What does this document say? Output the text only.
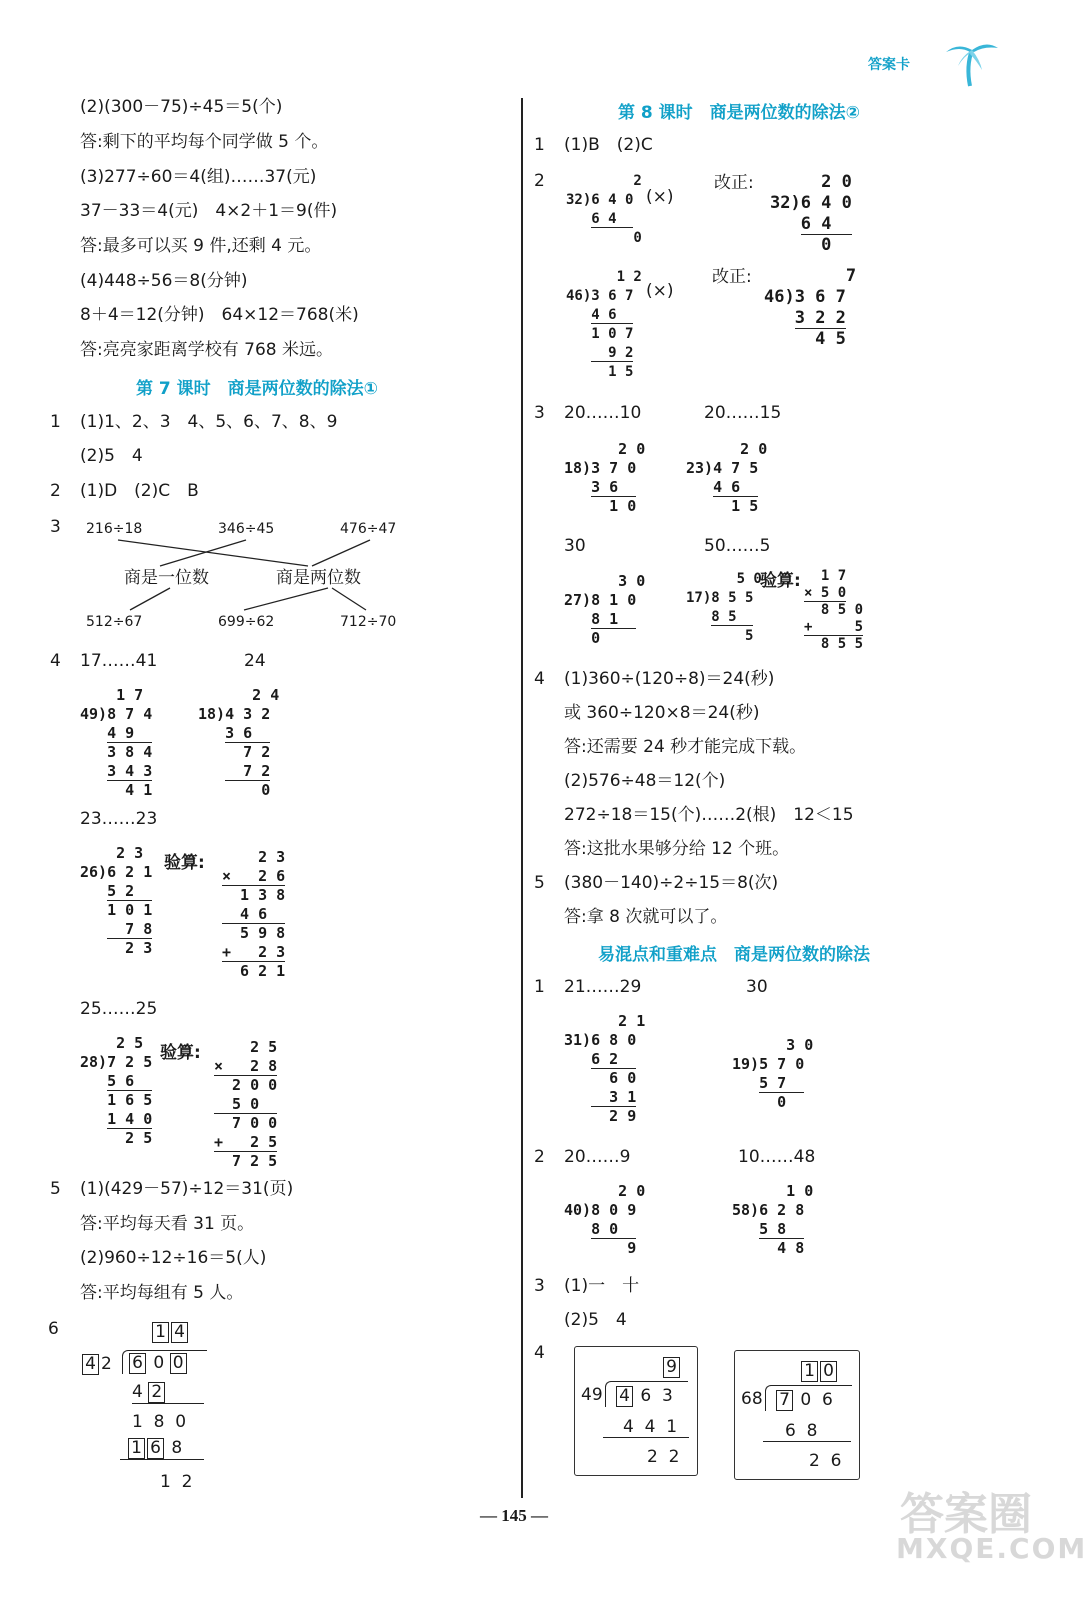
答案卡
(2)(300－75)÷45＝5(个)
答:剩下的平均每个同学做 5 个。
(3)277÷60＝4(组)……37(元)
37－33＝4(元)　4×2＋1＝9(件)
答:最多可以买 9 件,还剩 4 元。
(4)448÷56＝8(分钟)
8＋4＝12(分钟)　64×12＝768(米)
答:亮亮家距离学校有 768 米远。
第 7 课时　商是两位数的除法①
1 (1)1、2、3　4、5、6、7、8、9
(2)5　4
2 (1)D　(2)C　B
3 216÷18	346÷45	476÷47
商是一位数	商是两位数
512÷67	699÷62	712÷70
4 17……41	24
1 7
49)8 7 4
4 9
3 8 4
3 4 3
4 1
2 4
18)4 3 2
3 6
7 2
7 2
0
23……23
2 3
26)6 2 1
5 2
1 0 1
7 8
2 3
验算: 2 3
×   2 6
1 3 8
4 6
5 9 8
+   2 3
6 2 1
25……25
2 5
28)7 2 5
5 6
1 6 5
1 4 0
2 5
验算: 2 5
×   2 8
2 0 0
5 0
7 0 0
+   2 5
7 2 5
5 (1)(429－57)÷12＝31(页)
答:平均每天看 31 页。
(2)960÷12÷16＝5(人)
答:平均每组有 5 人。
6	1 4
4 2	6 0 0
4 2
1  8  0
1 6 8
1  2
第 8 课时　商是两位数的除法②
1 (1)B　(2)C
2 2
32)6 4 0
6 4
0
(×)
改正: 2 0
32)6 4 0
6 4
0
1 2
46)3 6 7
4 6
1 0 7
9 2
1 5
(×)
改正: 7
46)3 6 7
3 2 2
4 5
3 20……10	20……15
2 0
18)3 7 0
3 6
1 0
2 0
23)4 7 5
4 6
1 5
30	50……5
3 0
27)8 1 0
8 1
0
5 0
17)8 5 5
8 5
5
验算: 1 7
× 5 0
8 5 0
+     5
8 5 5
4 (1)360÷(120÷8)＝24(秒)
或 360÷120×8＝24(秒)
答:还需要 24 秒才能完成下载。
(2)576÷48＝12(个)
272÷18＝15(个)……2(根)　12＜15
答:这批水果够分给 12 个班。
5 (380－140)÷2÷15＝8(次)
答:拿 8 次就可以了。
易混点和重难点　商是两位数的除法
1 21……29	30
2 1
31)6 8 0
6 2
6 0
3 1
2 9
3 0
19)5 7 0
5 7
0
2 20……9	10……48
2 0
40)8 0 9
8 0
9
1 0
58)6 2 8
5 8
4 8
3 (1)一　十
(2)5　4
4
9
49 4 6  3
4  4  1
2  2
1 0
68 7 0  6
6  8
2  6
— 145 —	答案圈
MXQE.COM
